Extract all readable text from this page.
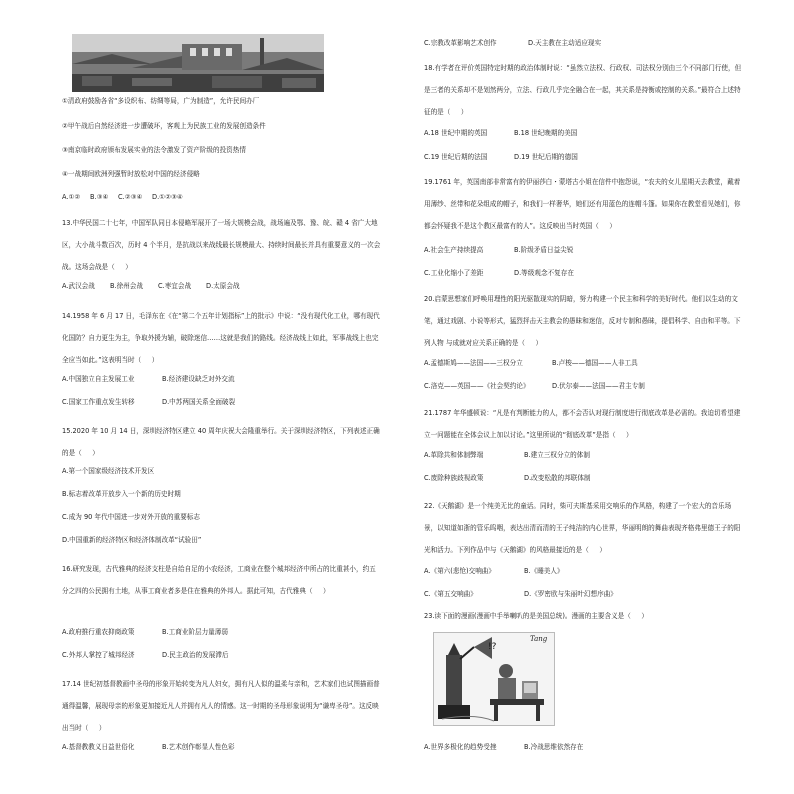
①清政府鼓励各省“多设织布、纺绸等局，广为制造”，允许民间办厂

②甲午战后自然经济进一步遭破坏，客观上为民族工业的发展创造条件

③南京临时政府颁布发展实业的法令激发了资产阶级的投资热情

④一战期间欧洲列强暂时放松对中国的经济侵略

A.①②	B.③④	C.②③④	D.①②③④

13.中华民国二十七年，中国军队同日本侵略军展开了一场大规模会战，战场遍及鄂、豫、皖、赣 4 省广大地区，大小战斗数百次，历时 4 个半月，是抗战以来战线最长规模最大、持续时间最长并具有重要意义的一次会战。这场会战是（     ）

A.武汉会战	B.徐州会战	C.枣宜会战	D.太原会战

14.1958 年 6 月 17 日，毛泽东在《在“第二个五年计划指标”上的批示》中说：“没有现代化工业，哪有现代化国防？自力更生为主，争取外援为辅，破除迷信……这就是我们的路线。经济战线上如此，军事战线上也完全应当如此。”这表明当时（     ）

A.中国独立自主发展工业	B.经济建设缺乏对外交流
C.国家工作重点发生转移	D.中苏两国关系全面破裂

15.2020 年 10 月 14 日，深圳经济特区建立 40 周年庆祝大会隆重举行。关于深圳经济特区，下列表述正确的是（     ）

A.第一个国家级经济技术开发区

B.标志着改革开放步入一个新的历史时期

C.成为 90 年代中国进一步对外开放的重要标志

D.中国重新的经济特区和经济体制改革“试验田”

16.研究发现，古代雅典的经济支柱是自给自足的小农经济，工商业在整个城邦经济中所占的比重甚小，约五分之四的公民拥有土地，从事工商业者多是住在雅典的外邦人。据此可知，古代雅典（     ）

A.政府推行重农抑商政策	B.工商业阶层力量薄弱
C.外邦人掌控了城邦经济	D.民主政治的发展滞后

17.14 世纪初基督教画中圣母的形象开始转变为凡人妇女，拥有凡人似的温柔与亲和，艺术家们也试图描画普通得温馨，展现母亲的形象更加接近凡人并拥有凡人的情感。这一时期的圣母形象说明为“谦卑圣母”。这反映出当时（     ）

A.基督教教义日益世俗化	B.艺术创作彰显人性色彩
C.宗教改革影响艺术创作	D.天主教在主动适应现实

18.有学者在评价英国特定时期的政治体制时说：“虽然立法权、行政权、司法权分别由三个不同部门行使，但是三者的关系却不是划然两分，立法、行政几乎完全融合在一起，其关系是持衡或控制的关系。”最符合上述特征的是（     ）

A.18 世纪中期的英国	B.18 世纪晚期的美国
C.19 世纪后期的法国	D.19 世纪后期的德国

19.1761 年，英国南部非常富有的伊丽莎白・蒙塔古小姐在信件中抱怨说，“农夫的女儿星期天去教堂，戴着用薄纱、丝带和花朵组成的帽子，和我们一样奢华，她们还有用蓝色的连帽斗篷。如果你在教堂看见她们，你都会怀疑我不是这个教区最富有的人”。这反映出当时英国（     ）

A.社会生产持续提高	B.阶级矛盾日益尖锐
C.工业化缩小了差距	D.等级观念不复存在

20.启蒙思想家们呼唤用理性的阳光驱散现实的阴暗，努力构建一个民主和科学的美好时代。他们以生动的文笔，通过戏剧、小说等形式，猛烈抨击天主教会的愚昧和迷信，反对专制和愚昧，提倡科学、自由和平等。下列人物 与成就对应关系正确的是（     ）

A.孟德斯鸠——法国——三权分立	B.卢梭——德国——人非工具
C.洛克——英国——《社会契约论》	D.伏尔泰——法国——君主专制

21.1787 年华盛顿说：“凡是有判断能力的人，都不会否认对现行制度进行彻底改革是必需的。我迫切希望建立一问题能在全体会议上加以讨论。”这里所说的“彻底改革”是指（     ）

A.革除共和体制弊端	B.建立三权分立的体制
C.废除种族歧视政策	D.改变松散的邦联体制

22.《天鹅湖》是一个纯美无比的童话。同时，柴可夫斯基采用交响乐的作风格，构建了一个宏大的音乐场景，以知道如浙的管乐呜咽，表达出清而清的王子纯洁的内心世界，华丽明朗的舞曲表现齐格弗里德王子的阳光和活力。下列作品中与《天鹅湖》的风格最接近的是（     ）

A.《第六(悲怆)交响曲》	B.《睡美人》
C.《第五交响曲》	D.《罗密欧与朱丽叶幻想序曲》

23.读下面的漫画(漫画中手举喇叭的是美国总统)。漫画的主要含义是（     ）

A.世界多极化的趋势受挫	B.冷战思维依然存在
!?
Tang
